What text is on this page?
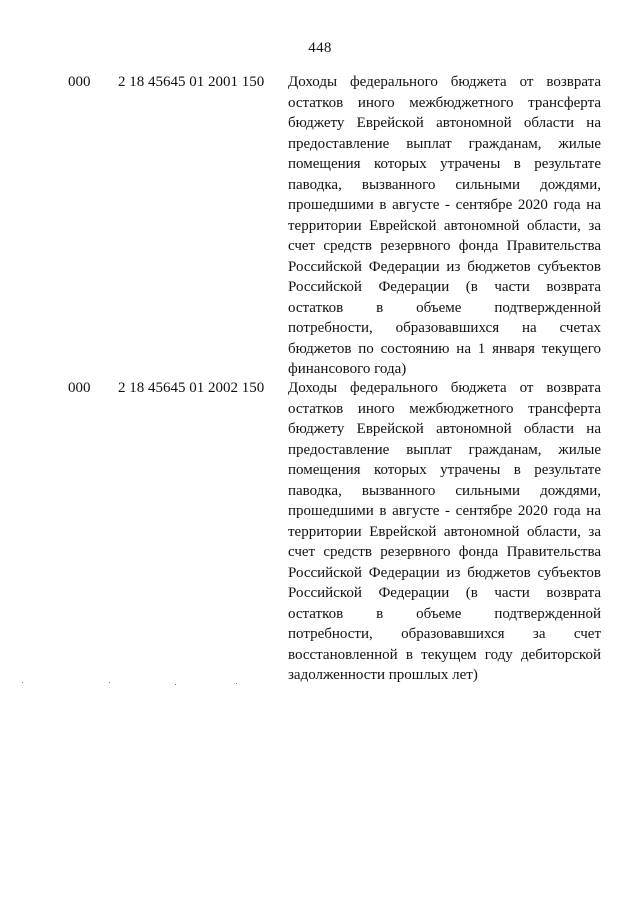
448
000 2 18 45645 01 2001 150 Доходы федерального бюджета от возврата остатков иного межбюджетного трансферта бюджету Еврейской автономной области на предоставление выплат гражданам, жилые помещения которых утрачены в результате паводка, вызванного сильными дождями, прошедшими в августе - сентябре 2020 года на территории Еврейской автономной области, за счет средств резервного фонда Правительства Российской Федерации из бюджетов субъектов Российской Федерации (в части возврата остатков в объеме подтвержденной потребности, образовавшихся на счетах бюджетов по состоянию на 1 января текущего финансового года)
000 2 18 45645 01 2002 150 Доходы федерального бюджета от возврата остатков иного межбюджетного трансферта бюджету Еврейской автономной области на предоставление выплат гражданам, жилые помещения которых утрачены в результате паводка, вызванного сильными дождями, прошедшими в августе - сентябре 2020 года на территории Еврейской автономной области, за счет средств резервного фонда Правительства Российской Федерации из бюджетов субъектов Российской Федерации (в части возврата остатков в объеме подтвержденной потребности, образовавшихся за счет восстановленной в текущем году дебиторской задолженности прошлых лет)
